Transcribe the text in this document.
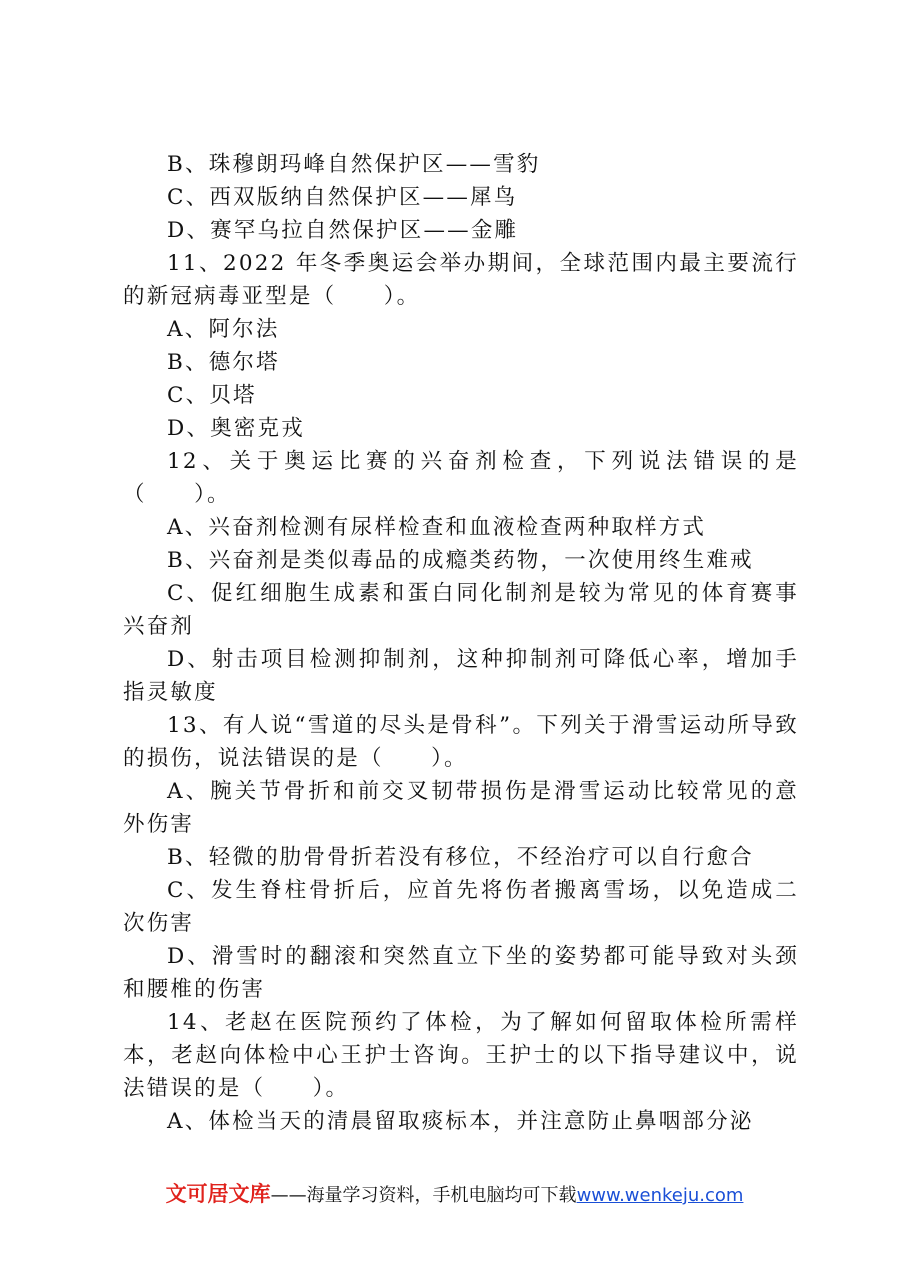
B、珠穆朗玛峰自然保护区——雪豹

C、西双版纳自然保护区——犀鸟

D、赛罕乌拉自然保护区——金雕

11、2022 年冬季奥运会举办期间，全球范围内最主要流行的新冠病毒亚型是（　　）。

A、阿尔法

B、德尔塔

C、贝塔

D、奥密克戎

12、关于奥运比赛的兴奋剂检查，下列说法错误的是（　　）。

A、兴奋剂检测有尿样检查和血液检查两种取样方式

B、兴奋剂是类似毒品的成瘾类药物，一次使用终生难戒

C、促红细胞生成素和蛋白同化制剂是较为常见的体育赛事兴奋剂

D、射击项目检测抑制剂，这种抑制剂可降低心率，增加手指灵敏度

13、有人说“雪道的尽头是骨科”。下列关于滑雪运动所导致的损伤，说法错误的是（　　）。

A、腕关节骨折和前交叉韧带损伤是滑雪运动比较常见的意外伤害

B、轻微的肋骨骨折若没有移位，不经治疗可以自行愈合

C、发生脊柱骨折后，应首先将伤者搬离雪场，以免造成二次伤害

D、滑雪时的翻滚和突然直立下坐的姿势都可能导致对头颈和腰椎的伤害

14、老赵在医院预约了体检，为了解如何留取体检所需样本，老赵向体检中心王护士咨询。王护士的以下指导建议中，说法错误的是（　　）。

A、体检当天的清晨留取痰标本，并注意防止鼻咽部分泌

文可居文库——海量学习资料，手机电脑均可下载www.wenkeju.com
